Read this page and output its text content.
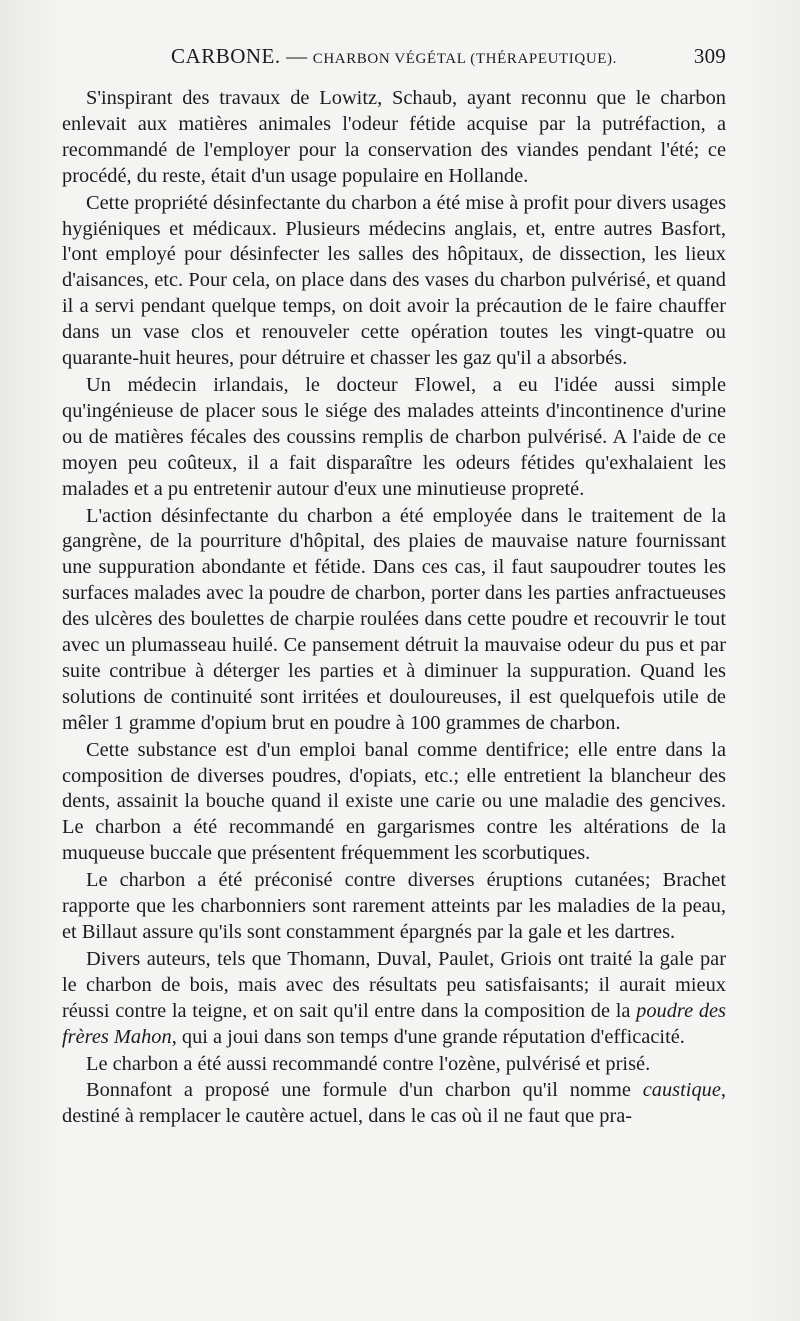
CARBONE. — CHARBON VÉGÉTAL (THÉRAPEUTIQUE).	309

S'inspirant des travaux de Lowitz, Schaub, ayant reconnu que le charbon enlevait aux matières animales l'odeur fétide acquise par la putréfaction, a recommandé de l'employer pour la conservation des viandes pendant l'été; ce procédé, du reste, était d'un usage populaire en Hollande.

Cette propriété désinfectante du charbon a été mise à profit pour divers usages hygiéniques et médicaux. Plusieurs médecins anglais, et, entre autres Basfort, l'ont employé pour désinfecter les salles des hôpitaux, de dissection, les lieux d'aisances, etc. Pour cela, on place dans des vases du charbon pulvérisé, et quand il a servi pendant quelque temps, on doit avoir la précaution de le faire chauffer dans un vase clos et renouveler cette opération toutes les vingt-quatre ou quarante-huit heures, pour détruire et chasser les gaz qu'il a absorbés.

Un médecin irlandais, le docteur Flowel, a eu l'idée aussi simple qu'ingénieuse de placer sous le siége des malades atteints d'incontinence d'urine ou de matières fécales des coussins remplis de charbon pulvérisé. A l'aide de ce moyen peu coûteux, il a fait disparaître les odeurs fétides qu'exhalaient les malades et a pu entretenir autour d'eux une minutieuse propreté.

L'action désinfectante du charbon a été employée dans le traitement de la gangrène, de la pourriture d'hôpital, des plaies de mauvaise nature fournissant une suppuration abondante et fétide. Dans ces cas, il faut saupoudrer toutes les surfaces malades avec la poudre de charbon, porter dans les parties anfractueuses des ulcères des boulettes de charpie roulées dans cette poudre et recouvrir le tout avec un plumasseau huilé. Ce pansement détruit la mauvaise odeur du pus et par suite contribue à déterger les parties et à diminuer la suppuration. Quand les solutions de continuité sont irritées et douloureuses, il est quelquefois utile de mêler 1 gramme d'opium brut en poudre à 100 grammes de charbon.

Cette substance est d'un emploi banal comme dentifrice; elle entre dans la composition de diverses poudres, d'opiats, etc.; elle entretient la blancheur des dents, assainit la bouche quand il existe une carie ou une maladie des gencives. Le charbon a été recommandé en gargarismes contre les altérations de la muqueuse buccale que présentent fréquemment les scorbutiques.

Le charbon a été préconisé contre diverses éruptions cutanées; Brachet rapporte que les charbonniers sont rarement atteints par les maladies de la peau, et Billaut assure qu'ils sont constamment épargnés par la gale et les dartres.

Divers auteurs, tels que Thomann, Duval, Paulet, Griois ont traité la gale par le charbon de bois, mais avec des résultats peu satisfaisants; il aurait mieux réussi contre la teigne, et on sait qu'il entre dans la composition de la poudre des frères Mahon, qui a joui dans son temps d'une grande réputation d'efficacité.

Le charbon a été aussi recommandé contre l'ozène, pulvérisé et prisé.

Bonnafont a proposé une formule d'un charbon qu'il nomme caustique, destiné à remplacer le cautère actuel, dans le cas où il ne faut que pra-
